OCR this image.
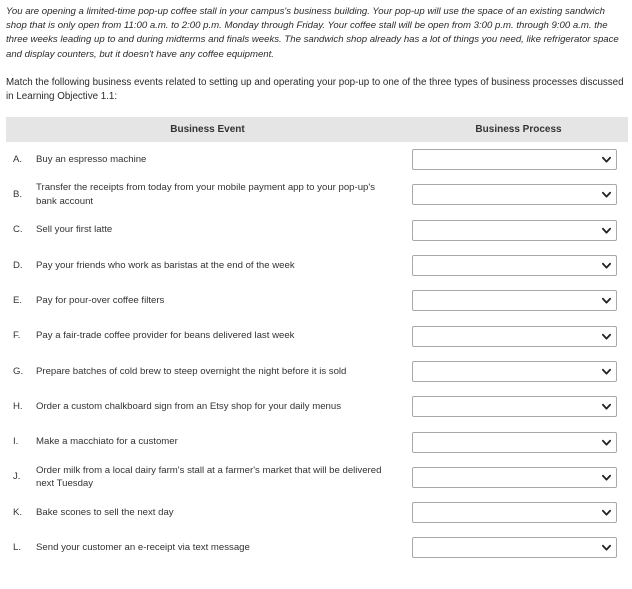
You are opening a limited-time pop-up coffee stall in your campus's business building. Your pop-up will use the space of an existing sandwich shop that is only open from 11:00 a.m. to 2:00 p.m. Monday through Friday. Your coffee stall will be open from 3:00 p.m. through 9:00 a.m. the three weeks leading up to and during midterms and finals weeks. The sandwich shop already has a lot of things you need, like refrigerator space and display counters, but it doesn't have any coffee equipment.

Match the following business events related to setting up and operating your pop-up to one of the three types of business processes discussed in Learning Objective 1.1:

Business Event		Business Process
A.	Buy an espresso machine	

B.	Transfer the receipts from today from your mobile payment app to your pop-up's bank account	

C.	Sell your first latte	

D.	Pay your friends who work as baristas at the end of the week	

E.	Pay for pour-over coffee filters	

F.	Pay a fair-trade coffee provider for beans delivered last week	

G.	Prepare batches of cold brew to steep overnight the night before it is sold	

H.	Order a custom chalkboard sign from an Etsy shop for your daily menus	

I.	Make a macchiato for a customer	

J.	Order milk from a local dairy farm's stall at a farmer's market that will be delivered next Tuesday	

K.	Bake scones to sell the next day	

L.	Send your customer an e-receipt via text message	
